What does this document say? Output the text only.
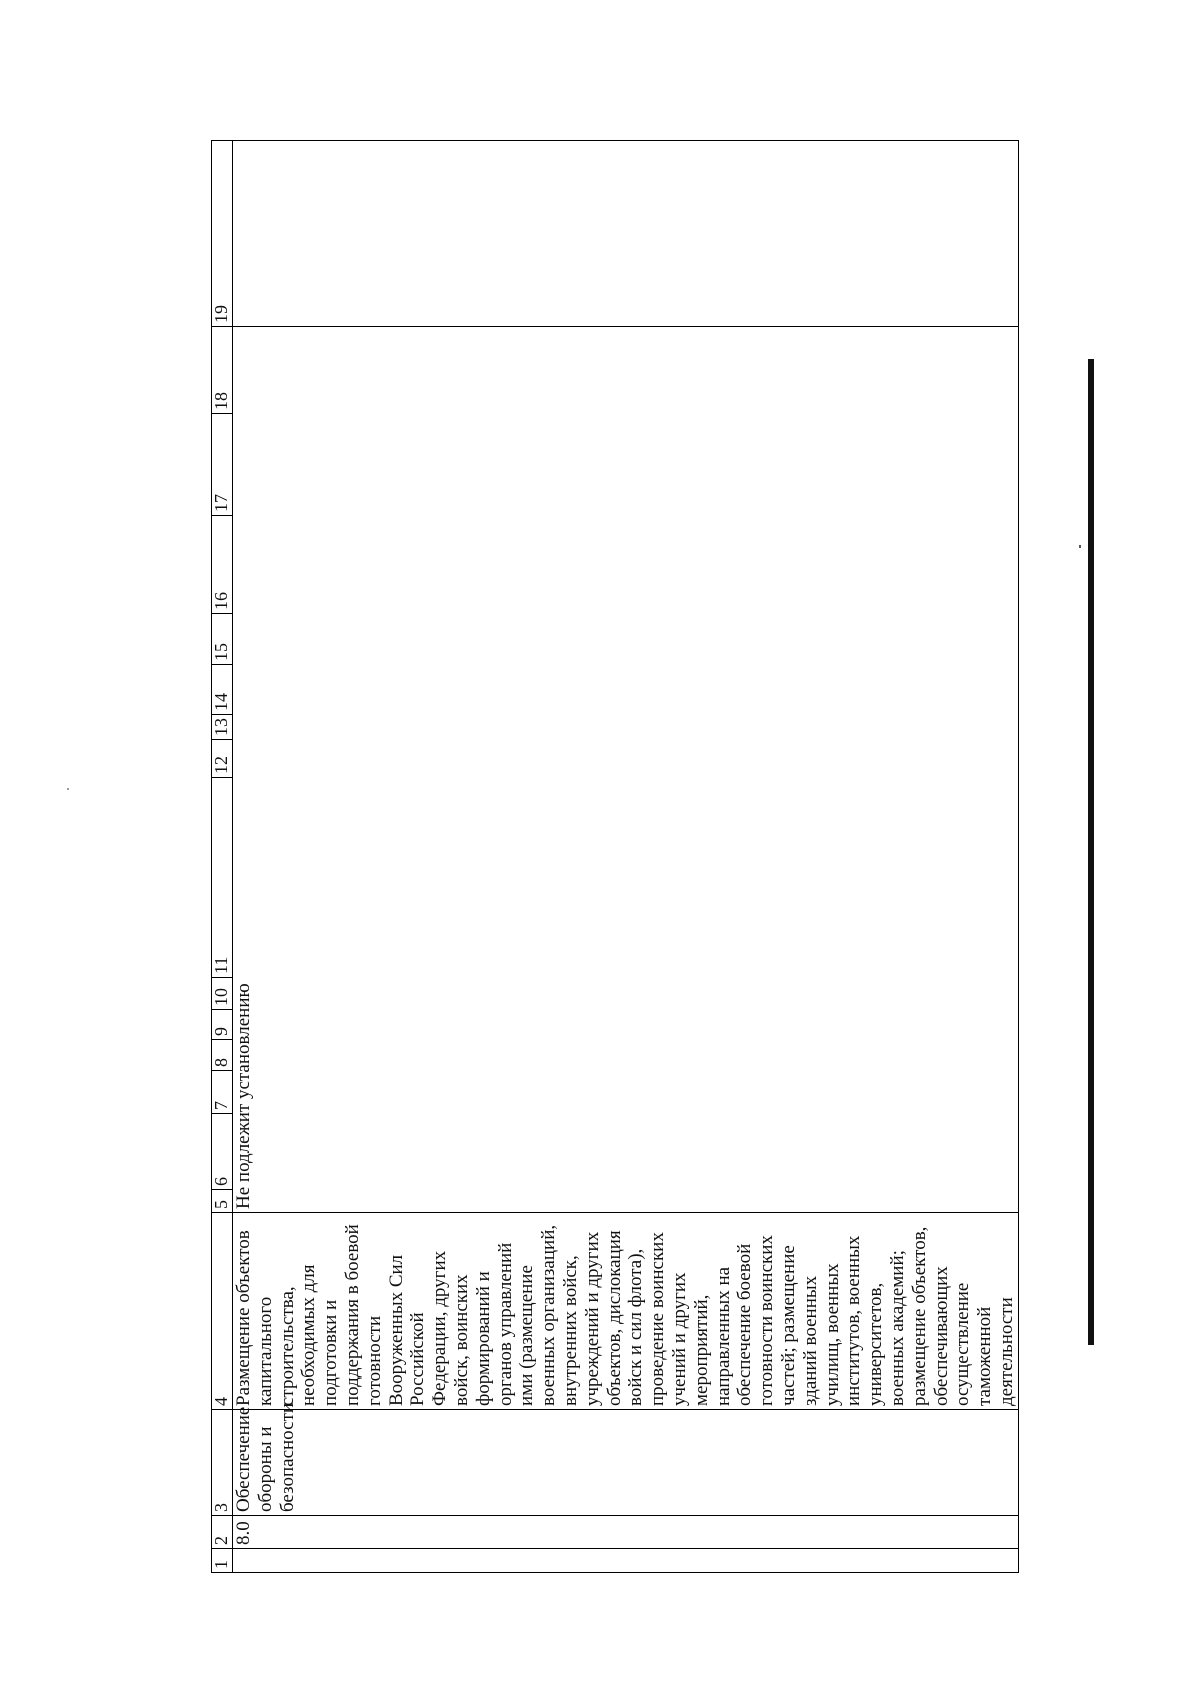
1	2	3	4	5	6	7	8	9	10	11	12	13	14	15	16	17	18	19
	8.0	Обеспечение обороны и безопасности	Размещение объектов капитального строительства, необходимых для подготовки и поддержания в боевой готовности Вооруженных Сил Российской Федерации, других войск, воинских формирований и органов управлений ими (размещение военных организаций, внутренних войск, учреждений и других объектов, дислокация войск и сил флота), проведение воинских учений и других мероприятий, направленных на обеспечение боевой готовности воинских частей; размещение зданий военных училищ, военных институтов, военных университетов, военных академий; размещение объектов, обеспечивающих осуществление таможенной деятельности	Не подлежит установлению														
